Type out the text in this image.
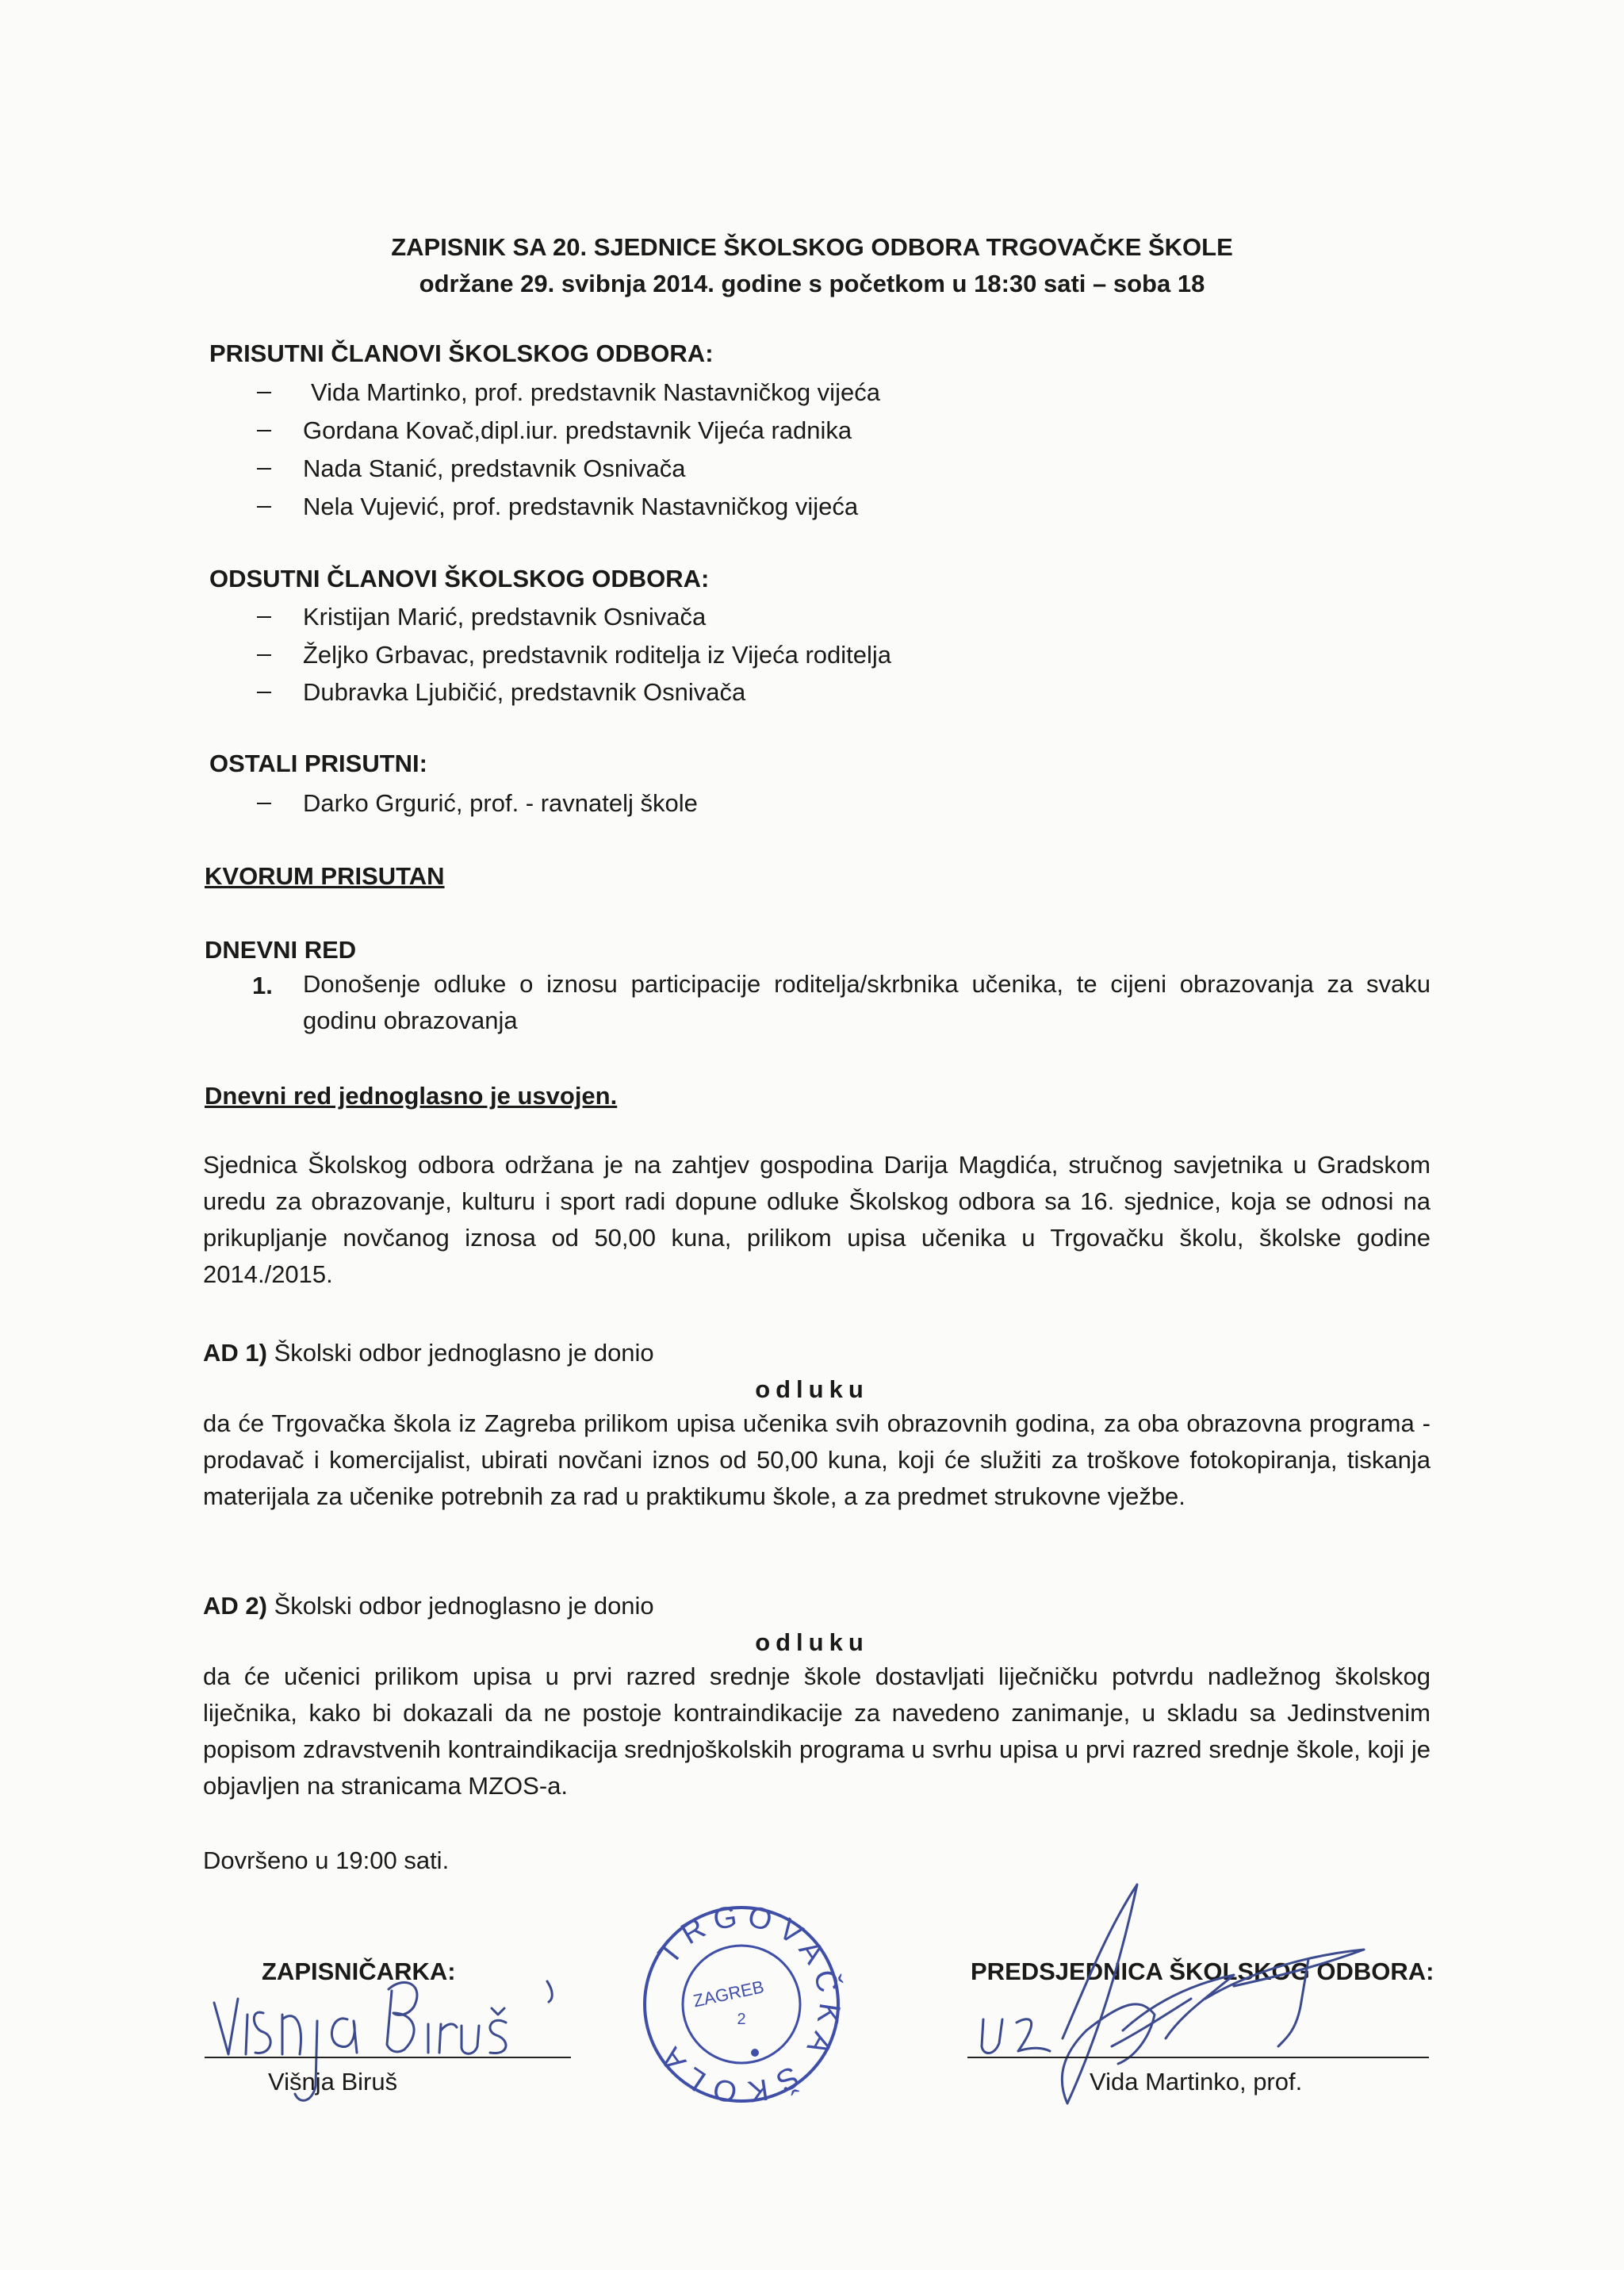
ZAPISNIK SA 20. SJEDNICE ŠKOLSKOG ODBORA TRGOVAČKE ŠKOLE
održane 29. svibnja 2014. godine s početkom u 18:30 sati – soba 18
PRISUTNI ČLANOVI ŠKOLSKOG ODBORA:
Vida Martinko, prof. predstavnik Nastavničkog vijeća
Gordana Kovač,dipl.iur. predstavnik Vijeća radnika
Nada Stanić, predstavnik Osnivača
Nela Vujević, prof. predstavnik Nastavničkog vijeća
ODSUTNI ČLANOVI ŠKOLSKOG ODBORA:
Kristijan Marić, predstavnik Osnivača
Željko Grbavac, predstavnik roditelja iz Vijeća roditelja
Dubravka Ljubičić, predstavnik Osnivača
OSTALI PRISUTNI:
Darko Grgurić, prof. - ravnatelj škole
KVORUM PRISUTAN
DNEVNI RED
1. Donošenje odluke o iznosu participacije roditelja/skrbnika učenika, te cijeni obrazovanja za svaku godinu obrazovanja
Dnevni red jednoglasno je usvojen.
Sjednica Školskog odbora održana je na zahtjev gospodina Darija Magdića, stručnog savjetnika u Gradskom uredu za obrazovanje, kulturu i sport radi dopune odluke Školskog odbora sa 16. sjednice, koja se odnosi na prikupljanje novčanog iznosa od 50,00 kuna, prilikom upisa učenika u Trgovačku školu, školske godine 2014./2015.
AD 1) Školski odbor jednoglasno je donio
odluku
da će Trgovačka škola iz Zagreba prilikom upisa učenika svih obrazovnih godina, za oba obrazovna programa - prodavač i komercijalist, ubirati novčani iznos od 50,00 kuna, koji će služiti za troškove fotokopiranja, tiskanja materijala za učenike potrebnih za rad u praktikumu škole, a za predmet strukovne vježbe.
AD 2) Školski odbor jednoglasno je donio
odluku
da će učenici prilikom upisa u prvi razred srednje škole dostavljati liječničku potvrdu nadležnog školskog liječnika, kako bi dokazali da ne postoje kontraindikacije za navedeno zanimanje, u skladu sa Jedinstvenim popisom zdravstvenih kontraindikacija srednjoškolskih programa u svrhu upisa u prvi razred srednje škole, koji je objavljen na stranicama MZOS-a.
Dovršeno u 19:00 sati.
ZAPISNIČARKA:
Višnja Biruš
TRGOVAČKA ŠKOLA
ZAGREB
2
PREDSJEDNICA ŠKOLSKOG ODBORA:
Vida Martinko, prof.
